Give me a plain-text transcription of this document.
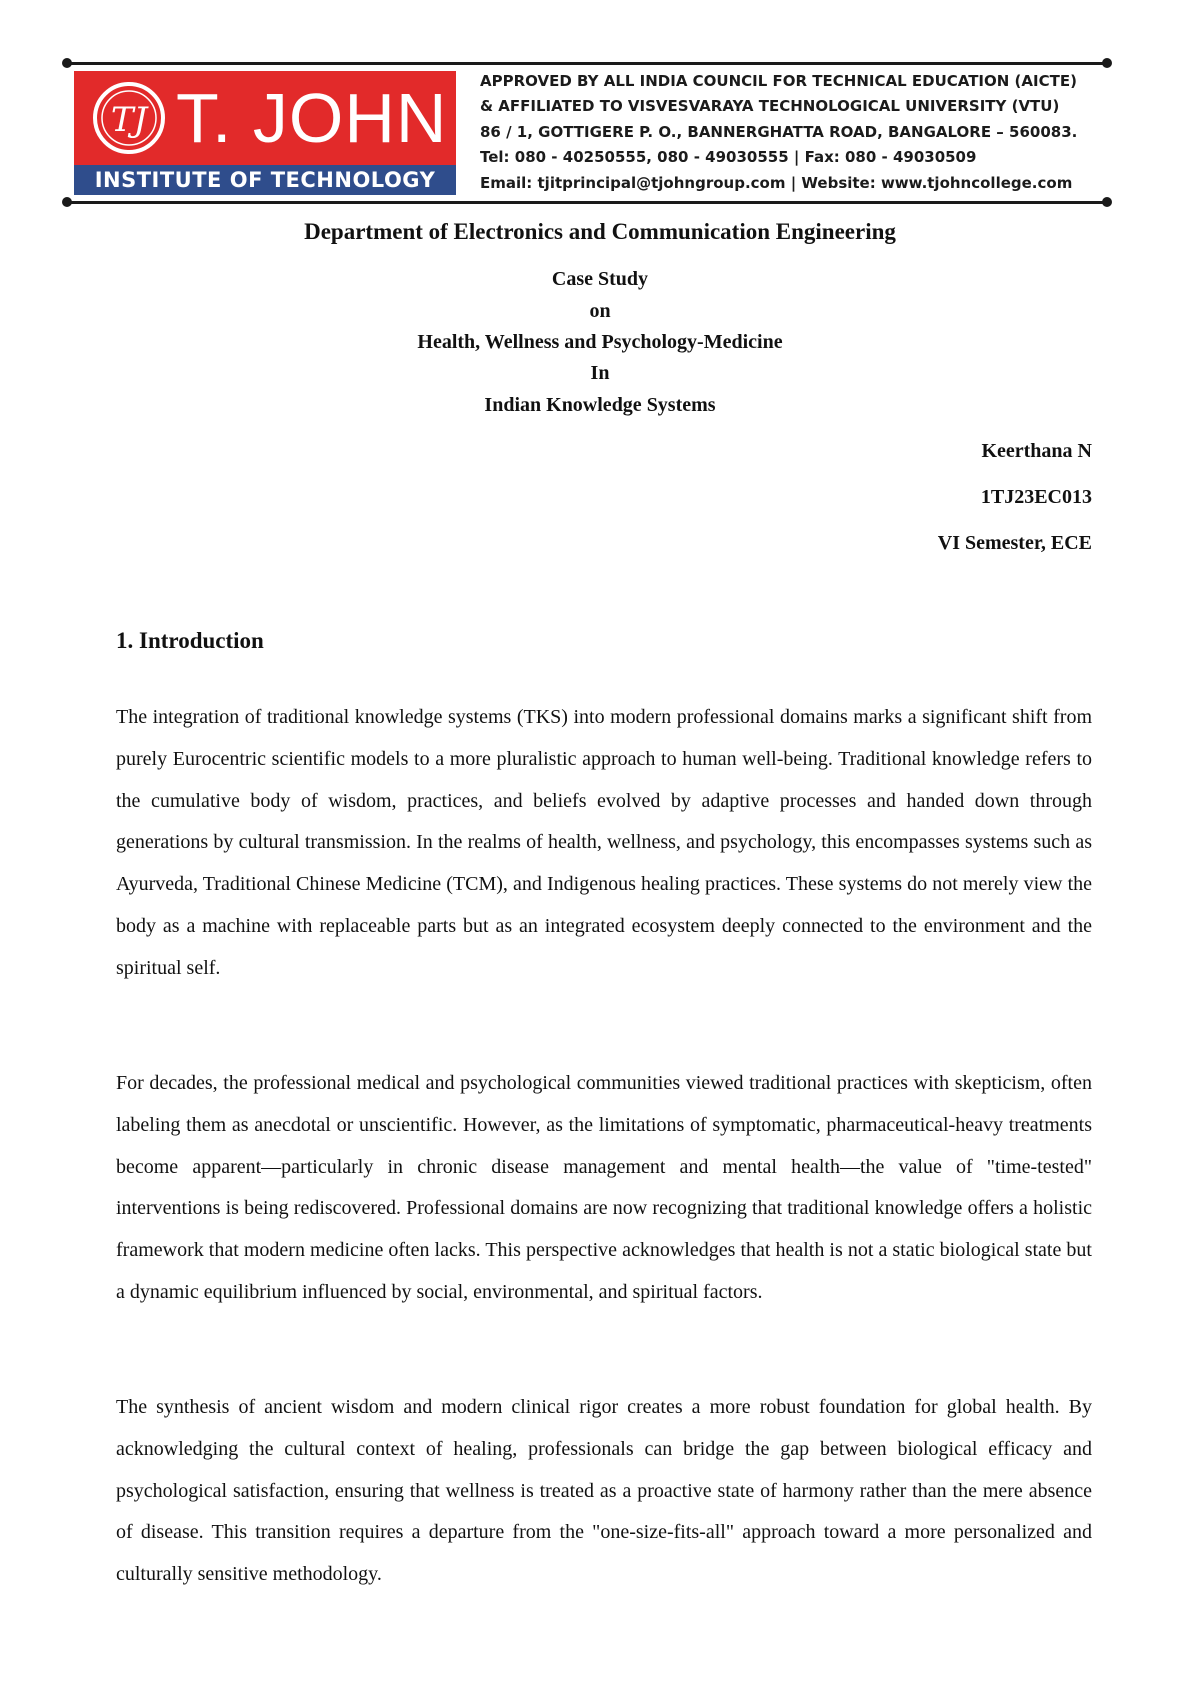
TJ T. JOHN
INSTITUTE OF TECHNOLOGY
APPROVED BY ALL INDIA COUNCIL FOR TECHNICAL EDUCATION (AICTE)
& AFFILIATED TO VISVESVARAYA TECHNOLOGICAL UNIVERSITY (VTU)
86 / 1, GOTTIGERE P. O., BANNERGHATTA ROAD, BANGALORE – 560083.
Tel: 080 - 40250555, 080 - 49030555 | Fax: 080 - 49030509
Email: tjitprincipal@tjohngroup.com | Website: www.tjohncollege.com
Department of Electronics and Communication Engineering
Case Study
on
Health, Wellness and Psychology-Medicine
In
Indian Knowledge Systems
Keerthana N
1TJ23EC013
VI Semester, ECE
1. Introduction
The integration of traditional knowledge systems (TKS) into modern professional domains marks a significant shift from purely Eurocentric scientific models to a more pluralistic approach to human well-being. Traditional knowledge refers to the cumulative body of wisdom, practices, and beliefs evolved by adaptive processes and handed down through generations by cultural transmission. In the realms of health, wellness, and psychology, this encompasses systems such as Ayurveda, Traditional Chinese Medicine (TCM), and Indigenous healing practices. These systems do not merely view the body as a machine with replaceable parts but as an integrated ecosystem deeply connected to the environment and the spiritual self.
For decades, the professional medical and psychological communities viewed traditional practices with skepticism, often labeling them as anecdotal or unscientific. However, as the limitations of symptomatic, pharmaceutical-heavy treatments become apparent—particularly in chronic disease management and mental health—the value of "time-tested" interventions is being rediscovered. Professional domains are now recognizing that traditional knowledge offers a holistic framework that modern medicine often lacks. This perspective acknowledges that health is not a static biological state but a dynamic equilibrium influenced by social, environmental, and spiritual factors.
The synthesis of ancient wisdom and modern clinical rigor creates a more robust foundation for global health. By acknowledging the cultural context of healing, professionals can bridge the gap between biological efficacy and psychological satisfaction, ensuring that wellness is treated as a proactive state of harmony rather than the mere absence of disease. This transition requires a departure from the "one-size-fits-all" approach toward a more personalized and culturally sensitive methodology.
